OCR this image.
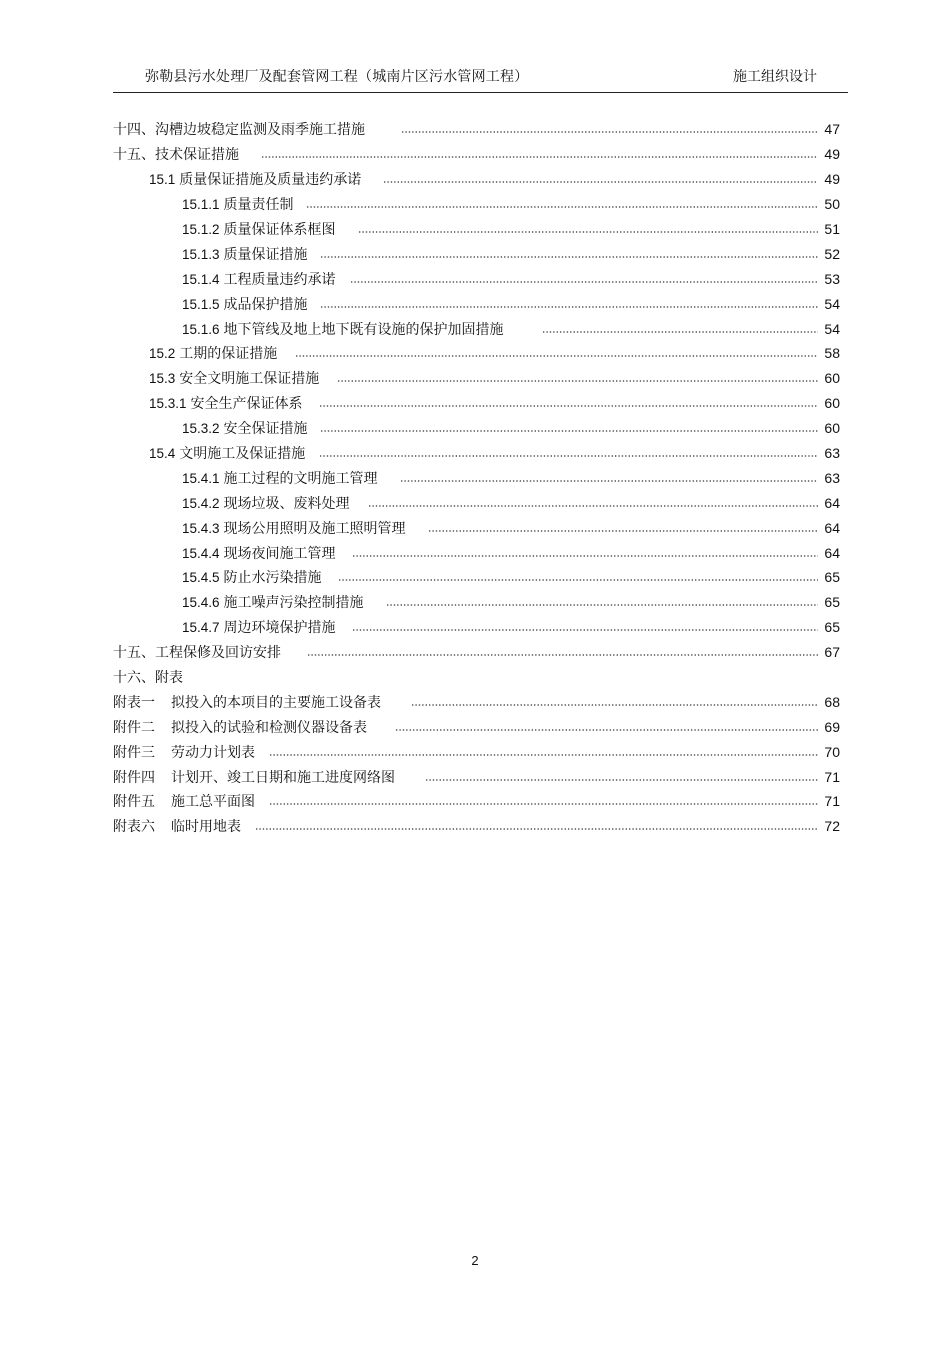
弥勒县污水处理厂及配套管网工程（城南片区污水管网工程）	施工组织设计
十四、沟槽边坡稳定监测及雨季施工措施	47
十五、技术保证措施	49
15.1 质量保证措施及质量违约承诺	49
15.1.1 质量责任制	50
15.1.2 质量保证体系框图	51
15.1.3 质量保证措施	52
15.1.4 工程质量违约承诺	53
15.1.5 成品保护措施	54
15.1.6 地下管线及地上地下既有设施的保护加固措施	54
15.2 工期的保证措施	58
15.3 安全文明施工保证措施	60
15.3.1 安全生产保证体系	60
15.3.2 安全保证措施	60
15.4 文明施工及保证措施	63
15.4.1 施工过程的文明施工管理	63
15.4.2 现场垃圾、废料处理	64
15.4.3 现场公用照明及施工照明管理	64
15.4.4 现场夜间施工管理	64
15.4.5 防止水污染措施	65
15.4.6 施工噪声污染控制措施	65
15.4.7 周边环境保护措施	65
十五、工程保修及回访安排	67
十六、附表
附表一 拟投入的本项目的主要施工设备表	68
附件二 拟投入的试验和检测仪器设备表	69
附件三 劳动力计划表	70
附件四 计划开、竣工日期和施工进度网络图	71
附件五 施工总平面图	71
附表六 临时用地表	72
2
